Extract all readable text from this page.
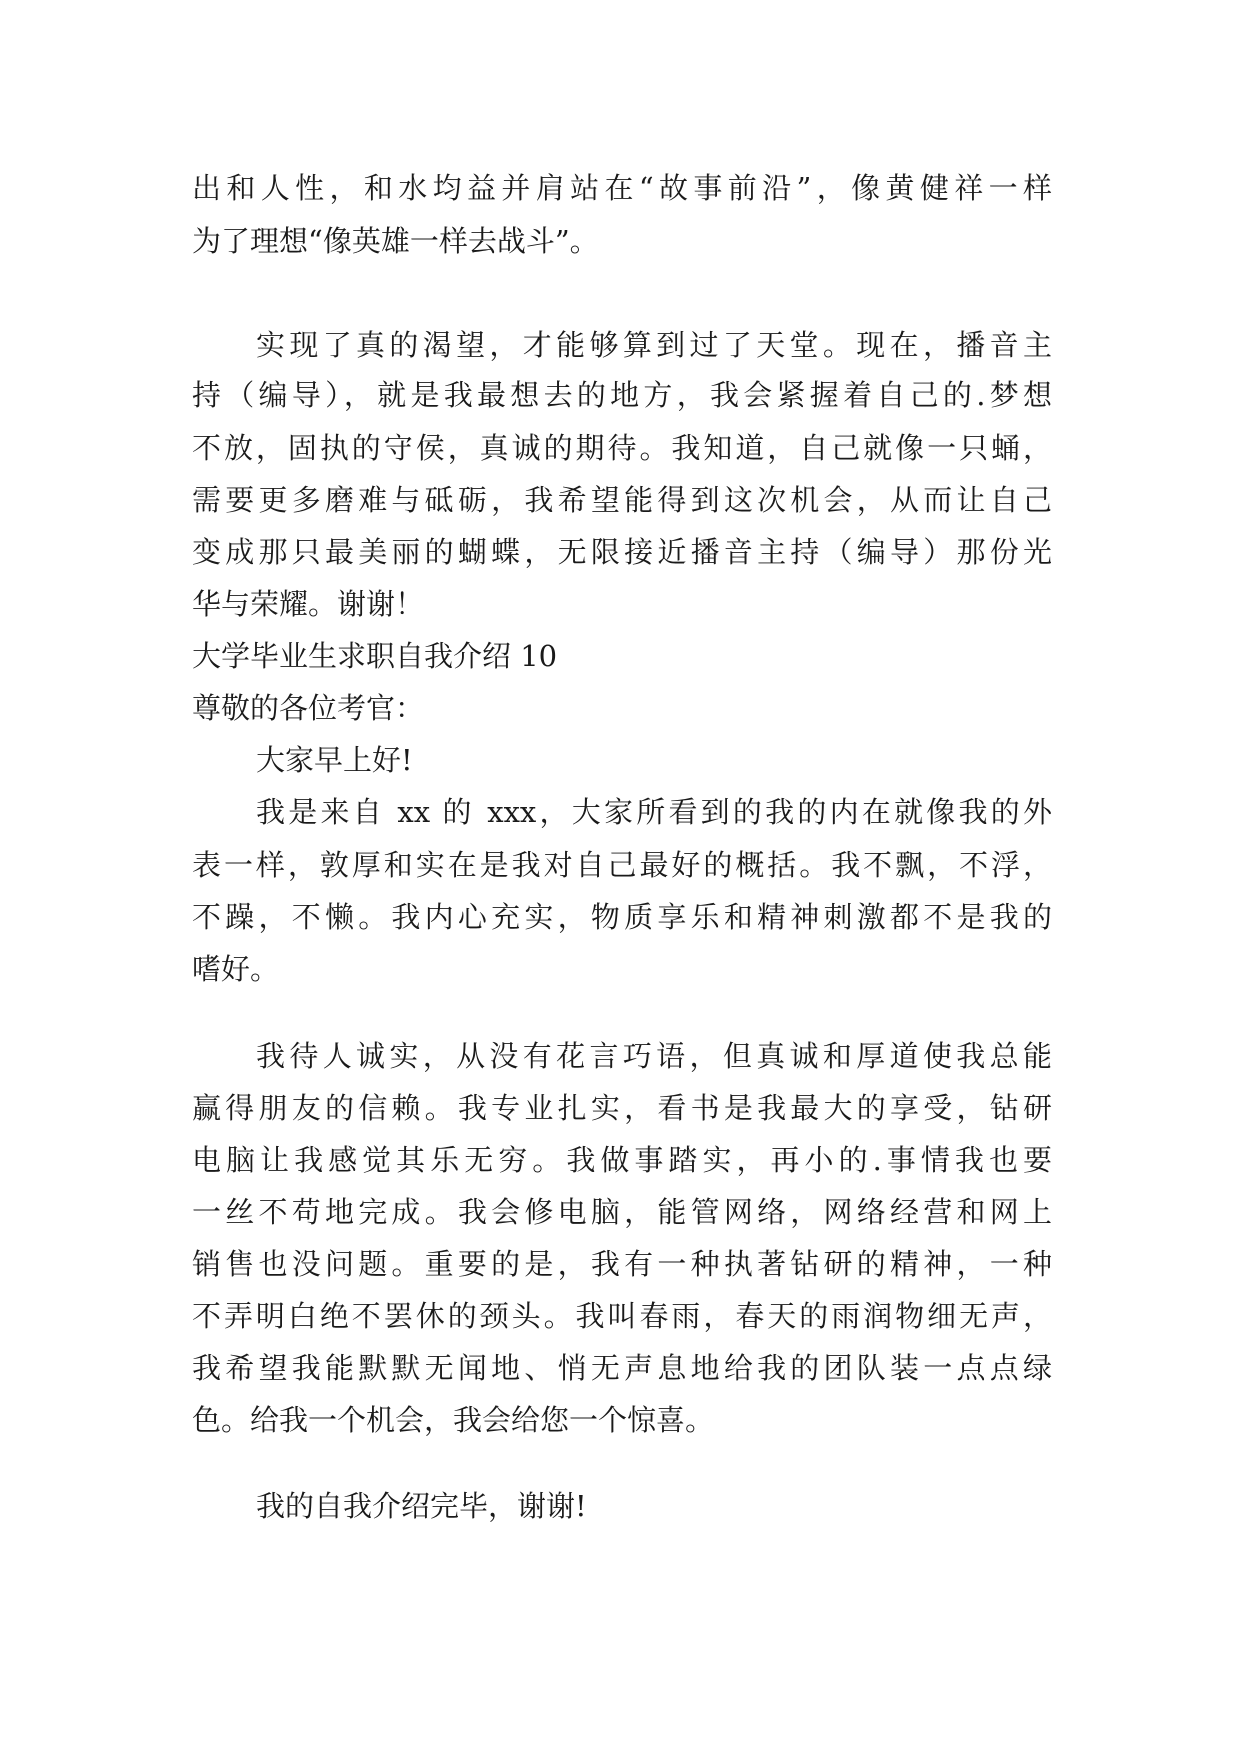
出和人性，和水均益并肩站在“故事前沿”，像黄健祥一样
为了理想“像英雄一样去战斗”。
实现了真的渴望，才能够算到过了天堂。现在，播音主
持（编导），就是我最想去的地方，我会紧握着自己的.梦想
不放，固执的守侯，真诚的期待。我知道，自己就像一只蛹，
需要更多磨难与砥砺，我希望能得到这次机会，从而让自己
变成那只最美丽的蝴蝶，无限接近播音主持（编导）那份光
华与荣耀。谢谢！
大学毕业生求职自我介绍 10
尊敬的各位考官：
大家早上好!
我是来自 xx 的 xxx，大家所看到的我的内在就像我的外
表一样，敦厚和实在是我对自己最好的概括。我不飘，不浮，
不躁，不懒。我内心充实，物质享乐和精神刺激都不是我的
嗜好。
我待人诚实，从没有花言巧语，但真诚和厚道使我总能
赢得朋友的信赖。我专业扎实，看书是我最大的享受，钻研
电脑让我感觉其乐无穷。我做事踏实，再小的.事情我也要
一丝不苟地完成。我会修电脑，能管网络，网络经营和网上
销售也没问题。重要的是，我有一种执著钻研的精神，一种
不弄明白绝不罢休的颈头。我叫春雨，春天的雨润物细无声，
我希望我能默默无闻地、悄无声息地给我的团队装一点点绿
色。给我一个机会，我会给您一个惊喜。
我的自我介绍完毕，谢谢!
